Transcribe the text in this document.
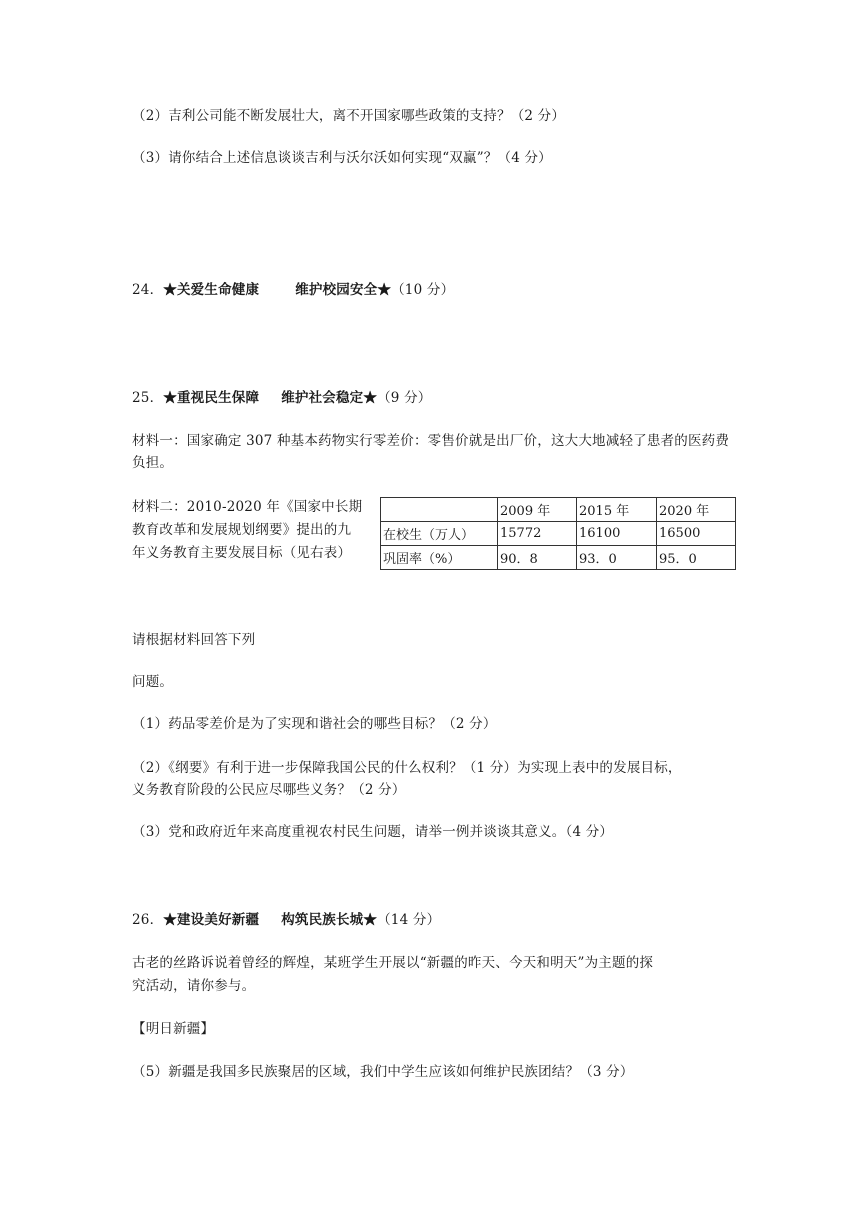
（2）吉利公司能不断发展壮大，离不开国家哪些政策的支持？（2 分）
（3）请你结合上述信息谈谈吉利与沃尔沃如何实现“双赢”？（4 分）
24．★关爱生命健康	维护校园安全★（10 分）
25．★重视民生保障 维护社会稳定★（9 分）
材料一：国家确定 307 种基本药物实行零差价：零售价就是出厂价，这大大地减轻了患者的医药费负担。
材料二：2010-2020 年《国家中长期
教育改革和发展规划纲要》提出的九
年义务教育主要发展目标（见右表）
	2009 年	2015 年	2020 年
在校生（万人）	15772	16100	16500
巩固率（%）	90．8	93．0	95．0
请根据材料回答下列
问题。
（1）药品零差价是为了实现和谐社会的哪些目标？（2 分）
（2）《纲要》有利于进一步保障我国公民的什么权利？（1 分）为实现上表中的发展目标，
义务教育阶段的公民应尽哪些义务？（2 分）
（3）党和政府近年来高度重视农村民生问题，请举一例并谈谈其意义。（4 分）
26．★建设美好新疆 构筑民族长城★（14 分）
古老的丝路诉说着曾经的辉煌，某班学生开展以“新疆的昨天、今天和明天”为主题的探
究活动，请你参与。
【明日新疆】
（5）新疆是我国多民族聚居的区域，我们中学生应该如何维护民族团结？（3 分）
